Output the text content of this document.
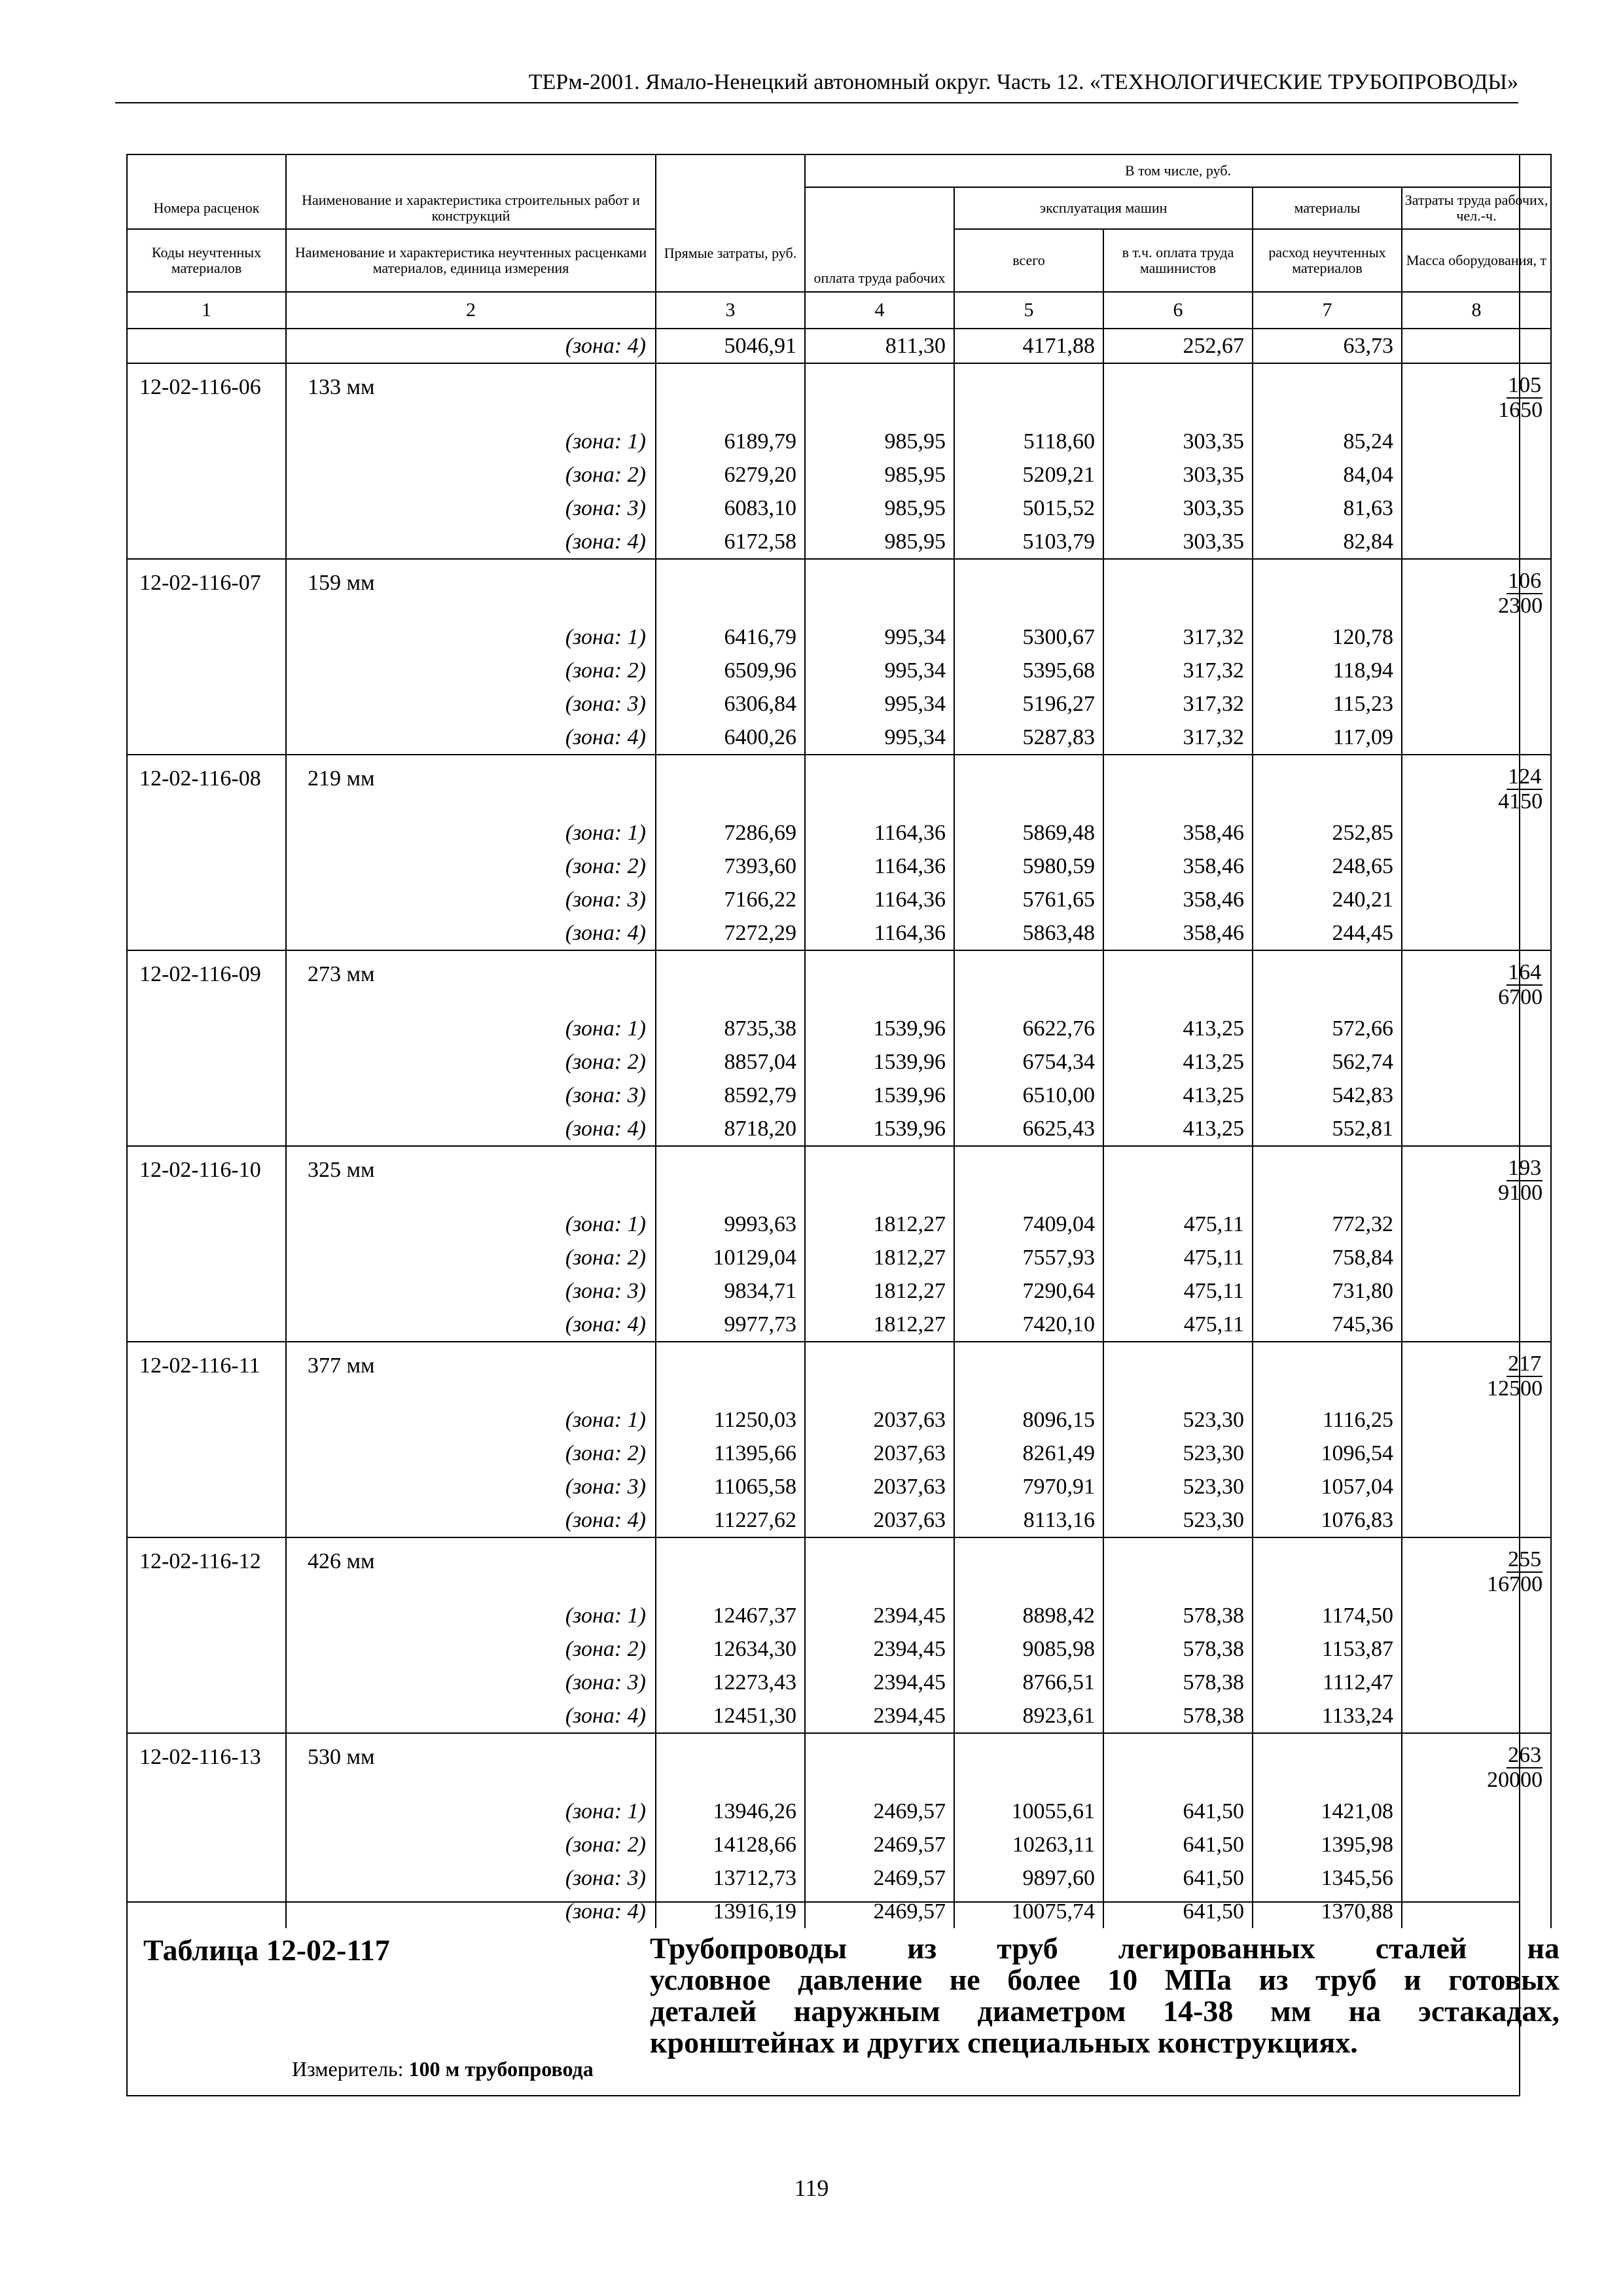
ТЕРм-2001. Ямало-Ненецкий автономный округ. Часть 12. «ТЕХНОЛОГИЧЕСКИЕ ТРУБОПРОВОДЫ»

		Прямые затраты, руб.	В том числе, руб.					
Номера расценок	Наименование и характеристика строительных работ и конструкций		оплата труда рабочих	эксплуатация машин		материалы	Затраты труда рабочих, чел.-ч.	
Коды неучтенных материалов	Наименование и характеристика неучтенных расценками материалов, единица измерения			всего	в т.ч. оплата труда машинистов	расход неучтенных материалов	Масса оборудования, т	
1	2	3	4	5	6	7	8	
	(зона: 4)	5046,91	811,30	4171,88	252,67	63,73		
12-02-116-06	133 мм						105
1650	

	(зона: 1)	6189,79	985,95	5118,60	303,35	85,24		
	(зона: 2)	6279,20	985,95	5209,21	303,35	84,04		
	(зона: 3)	6083,10	985,95	5015,52	303,35	81,63		
	(зона: 4)	6172,58	985,95	5103,79	303,35	82,84		
12-02-116-07	159 мм						106
2300	

	(зона: 1)	6416,79	995,34	5300,67	317,32	120,78		
	(зона: 2)	6509,96	995,34	5395,68	317,32	118,94		
	(зона: 3)	6306,84	995,34	5196,27	317,32	115,23		
	(зона: 4)	6400,26	995,34	5287,83	317,32	117,09		
12-02-116-08	219 мм						124
4150	

	(зона: 1)	7286,69	1164,36	5869,48	358,46	252,85		
	(зона: 2)	7393,60	1164,36	5980,59	358,46	248,65		
	(зона: 3)	7166,22	1164,36	5761,65	358,46	240,21		
	(зона: 4)	7272,29	1164,36	5863,48	358,46	244,45		
12-02-116-09	273 мм						164
6700	

	(зона: 1)	8735,38	1539,96	6622,76	413,25	572,66		
	(зона: 2)	8857,04	1539,96	6754,34	413,25	562,74		
	(зона: 3)	8592,79	1539,96	6510,00	413,25	542,83		
	(зона: 4)	8718,20	1539,96	6625,43	413,25	552,81		
12-02-116-10	325 мм						193
9100	

	(зона: 1)	9993,63	1812,27	7409,04	475,11	772,32		
	(зона: 2)	10129,04	1812,27	7557,93	475,11	758,84		
	(зона: 3)	9834,71	1812,27	7290,64	475,11	731,80		
	(зона: 4)	9977,73	1812,27	7420,10	475,11	745,36		
12-02-116-11	377 мм						217
12500	

	(зона: 1)	11250,03	2037,63	8096,15	523,30	1116,25		
	(зона: 2)	11395,66	2037,63	8261,49	523,30	1096,54		
	(зона: 3)	11065,58	2037,63	7970,91	523,30	1057,04		
	(зона: 4)	11227,62	2037,63	8113,16	523,30	1076,83		
12-02-116-12	426 мм						255
16700	

	(зона: 1)	12467,37	2394,45	8898,42	578,38	1174,50		
	(зона: 2)	12634,30	2394,45	9085,98	578,38	1153,87		
	(зона: 3)	12273,43	2394,45	8766,51	578,38	1112,47		
	(зона: 4)	12451,30	2394,45	8923,61	578,38	1133,24		
12-02-116-13	530 мм						263
20000	

	(зона: 1)	13946,26	2469,57	10055,61	641,50	1421,08		
	(зона: 2)	14128,66	2469,57	10263,11	641,50	1395,98		
	(зона: 3)	13712,73	2469,57	9897,60	641,50	1345,56		
	(зона: 4)	13916,19	2469,57	10075,74	641,50	1370,88		
Таблица 12-02-117	Трубопроводы из труб легированных сталей на
условное давление не более 10 МПа из труб и готовых
деталей наружным диаметром 14-38 мм на эстакадах,
кронштейнах и других специальных конструкциях.
Измеритель: 100 м трубопровода
119
